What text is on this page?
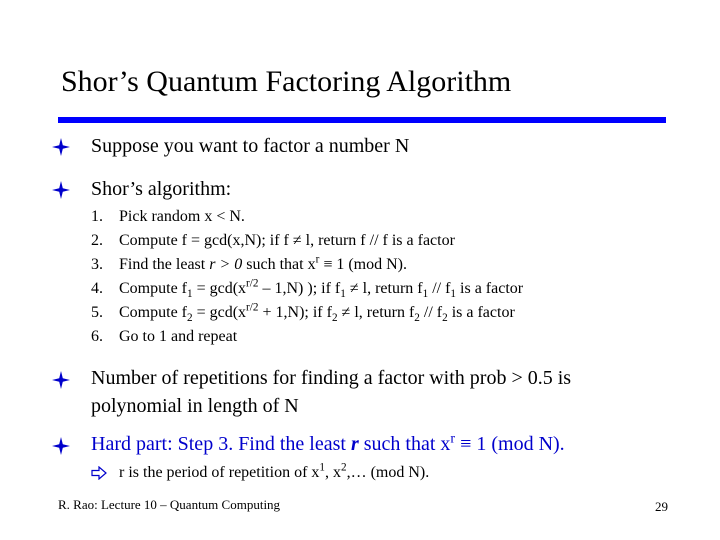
Shor’s Quantum Factoring Algorithm
Suppose you want to factor a number N
Shor’s algorithm:
1. Pick random x < N.
2. Compute f = gcd(x,N); if f ≠ l, return f // f is a factor
3. Find the least r > 0 such that $x^r \equiv 1$ (mod N).
4. Compute $f_1 = \gcd(x^{r/2} - 1,N)$ ); if $f_1 \ne l$, return $f_1 // f_1$ is a factor
5. Compute $f_2 = \gcd(x^{r/2} + 1,N)$; if $f_2 \ne l$, return $f_2 // f_2$ is a factor
6. Go to 1 and repeat
Number of repetitions for finding a factor with prob > 0.5 is
polynomial in length of N
Hard part: Step 3. Find the least r such that $x^r \equiv 1$ (mod N).
r is the period of repetition of $x^1$, $x^2,\dots$ (mod N).
R. Rao: Lecture 10 – Quantum Computing	29
